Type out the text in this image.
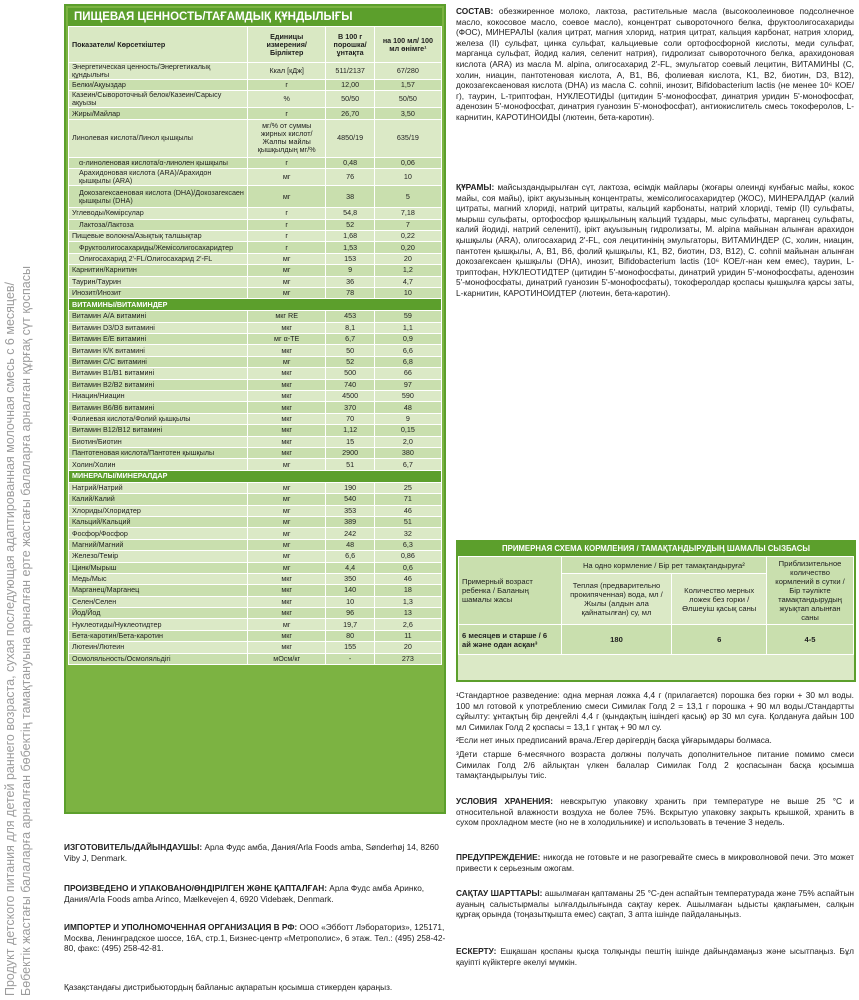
Продукт детского питания для детей раннего возраста, сухая последующая адаптированная молочная смесь с 6 месяцев/ Бөбектік жастағы балаларға арналған бөбектің тамақтануына арналған ерте жастағы балаларға арналған құрғақ сүт қоспасы
ПИЩЕВАЯ ЦЕННОСТЬ/ТАҒАМДЫҚ ҚҰНДЫЛЫҒЫ
Показатели/ Көрсеткіштер	Единицы измерения/ Бірліктер	В 100 г порошка/ ұнтақта	на 100 мл/ 100 мл өнімге¹
Энергетическая ценность/Энергетикалық құндылығы	Ккал [кДж]	511/2137	67/280
Белки/Ақуыздар	г	12,00	1,57
Казеин/Сывороточный белок/Казеин/Сарысу ақуызы	%	50/50	50/50
Жиры/Майлар	г	26,70	3,50
Линолевая кислота/Линол қышқылы	мг/% от суммы жирных кислот/Жалпы майлы қышқылдың мг/%	4850/19	635/19
α-линоленовая кислота/α-линолен қышқылы	г	0,48	0,06
Арахидоновая кислота (ARA)/Арахидон қышқылы (ARA)	мг	76	10
Докозагексаеновая кислота (DHA)/Докозагексаен қышқылы (DHA)	мг	38	5
Углеводы/Көмірсулар	г	54,8	7,18
Лактоза/Лактоза	г	52	7
Пищевые волокна/Азықтық талшықтар	г	1,68	0,22
Фруктоолигосахариды/Жемісолигосахаридтер	г	1,53	0,20
Олигосахарид 2'-FL/Олигосахарид 2'-FL	мг	153	20
Карнитин/Карнитин	мг	9	1,2
Таурин/Таурин	мг	36	4,7
Инозит/Инозит	мг	78	10
ВИТАМИНЫ/ВИТАМИНДЕР			
Витамин А/А витамині	мкг RE	453	59
Витамин D3/D3 витамині	мкг	8,1	1,1
Витамин Е/Е витамині	мг α-TE	6,7	0,9
Витамин К/К витамині	мкг	50	6,6
Витамин С/С витамині	мг	52	6,8
Витамин В1/В1 витамині	мкг	500	66
Витамин В2/В2 витамині	мкг	740	97
Ниацин/Ниацин	мкг	4500	590
Витамин В6/В6 витамині	мкг	370	48
Фолиевая кислота/Фолий қышқылы	мкг	70	9
Витамин В12/В12 витамині	мкг	1,12	0,15
Биотин/Биотин	мкг	15	2,0
Пантотеновая кислота/Пантотен қышқылы	мкг	2900	380
Холин/Холин	мг	51	6,7
МИНЕРАЛЫ/МИНЕРАЛДАР			
Натрий/Натрий	мг	190	25
Калий/Калий	мг	540	71
Хлориды/Хлоридтер	мг	353	46
Кальций/Кальций	мг	389	51
Фосфор/Фосфор	мг	242	32
Магний/Магний	мг	48	6,3
Железо/Темір	мг	6,6	0,86
Цинк/Мырыш	мг	4,4	0,6
Медь/Мыс	мкг	350	46
Марганец/Марганец	мкг	140	18
Селен/Селен	мкг	10	1,3
Йод/Йод	мкг	96	13
Нуклеотиды/Нуклеотидтер	мг	19,7	2,6
Бета-каротин/Бета-каротин	мкг	80	11
Лютеин/Лютеин	мкг	155	20
Осмоляльность/Осмоляльдігі	мОсм/кг	-	273
ИЗГОТОВИТЕЛЬ/ДАЙЫНДАУШЫ: Арла Фудс амба, Дания/Arla Foods amba, Sønderhøj 14, 8260 Viby J, Denmark.
ПРОИЗВЕДЕНО И УПАКОВАНО/ӨНДІРІЛГЕН ЖӘНЕ ҚАПТАЛҒАН: Арла Фудс амба Аринко, Дания/Arla Foods amba Arinco, Mælkevejen 4, 6920 Videbæk, Denmark.
ИМПОРТЕР И УПОЛНОМОЧЕННАЯ ОРГАНИЗАЦИЯ В РФ: ООО «Эбботт Лэбораториз», 125171, Москва, Ленинградское шоссе, 16А, стр.1, Бизнес-центр «Метрополис», 6 этаж. Тел.: (495) 258-42-80, факс: (495) 258-42-81.
Қазақстандағы дистрибьютордың байланыс ақпаратын қосымша стикерден қараңыз.
СОСТАВ: обезжиренное молоко, лактоза, растительные масла (высокоолеиновое подсолнечное масло, кокосовое масло, соевое масло), концентрат сывороточного белка, фруктоолигосахариды (ФОС), МИНЕРАЛЫ (калия цитрат, магния хлорид, натрия цитрат, кальция карбонат, натрия хлорид, железа (II) сульфат, цинка сульфат, кальциевые соли ортофосфорной кислоты, меди сульфат, марганца сульфат, йодид калия, селенит натрия), гидролизат сывороточного белка, арахидоновая кислота (ARA) из масла M. alpina, олигосахарид 2'-FL, эмульгатор соевый лецитин, ВИТАМИНЫ (С, холин, ниацин, пантотеновая кислота, A, B1, B6, фолиевая кислота, K1, B2, биотин, D3, B12), докозагексаеновая кислота (DHA) из масла C. cohnii, инозит, Bifidobacterium lactis (не менее 10⁶ КОЕ/г), таурин, L-триптофан, НУКЛЕОТИДЫ (цитидин 5'-монофосфат, динатрия уридин 5'-монофосфат, аденозин 5'-монофосфат, динатрия гуанозин 5'-монофосфат), антиокислитель смесь токоферолов, L-карнитин, КАРОТИНОИДЫ (лютеин, бета-каротин).
ҚҰРАМЫ: майсыздандырылған сүт, лактоза, өсімдік майлары (жоғары олеинді күнбағыс майы, кокос майы, соя майы), ірікт ақуызының концентраты, жемісолигосахаридтер (ЖОС), МИНЕРАЛДАР (калий цитраты, магний хлориді, натрий цитраты, кальций карбонаты, натрий хлориді, темір (II) сульфаты, мырыш сульфаты, ортофосфор қышқылының кальций тұздары, мыс сульфаты, марганец сульфаты, калий йодиді, натрий селениті), ірікт ақуызының гидролизаты, M. alpina майынан алынған арахидон қышқылы (ARA), олигосахарид 2'-FL, соя лецитинінің эмульгаторы, ВИТАМИНДЕР (С, холин, ниацин, пантотен қышқылы, А, В1, В6, фолий қышқылы, К1, В2, биотин, D3, В12), C. cohnii майынан алынған докозагексаен қышқылы (DHA), инозит, Bifidobacterium lactis (10⁶ КОЕ/г-нан кем емес), таурин, L-триптофан, НУКЛЕОТИДТЕР (цитидин 5'-монофосфаты, динатрий уридин 5'-монофосфаты, аденозин 5'-монофосфаты, динатрий гуанозин 5'-монофосфаты), токоферолдар қоспасы қышқылға қарсы заты, L-карнитин, КАРОТИНОИДТЕР (лютеин, бета-каротин).
ПРИМЕРНАЯ СХЕМА КОРМЛЕНИЯ / ТАМАҚТАНДЫРУДЫҢ ШАМАЛЫ СЫЗБАСЫ
Примерный возраст ребенка / Баланың шамалы жасы	На одно кормление / Бір рет тамақтандыруға²		Приблизительное количество кормлений в сутки / Бір тәулікте тамақтандырудың жуықтап алынған саны
	Теплая (предварительно прокипяченная) вода, мл / Жылы (алдын ала қайнатылған) су, мл	Количество мерных ложек без горки / Өлшеуіш қасық саны	
6 месяцев и старше / 6 ай және одан асқан³	180	6	4-5
¹Стандартное разведение: одна мерная ложка 4,4 г (прилагается) порошка без горки + 30 мл воды. 100 мл готовой к употреблению смеси Симилак Голд 2 = 13,1 г порошка + 90 мл воды./Стандартты сұйылту: ұнтақтың бір деңгейлі 4,4 г (қындақтың ішіндегі қасық) әр 30 мл суға. Қолдануға дайын 100 мл Симилак Голд 2 қоспасы = 13,1 г ұнтақ + 90 мл су.
²Если нет иных предписаний врача./Егер дәрігердің басқа ұйғарымдары болмаса.
³Дети старше 6-месячного возраста должны получать дополнительное питание помимо смеси Симилак Голд 2/6 айлықтан үлкен балалар Симилак Голд 2 қоспасынан басқа қосымша тамақтандырылуы тиіс.
УСЛОВИЯ ХРАНЕНИЯ: невскрытую упаковку хранить при температуре не выше 25 °С и относительной влажности воздуха не более 75%. Вскрытую упаковку закрыть крышкой, хранить в сухом прохладном месте (но не в холодильнике) и использовать в течение 3 недель.
ПРЕДУПРЕЖДЕНИЕ: никогда не готовьте и не разогревайте смесь в микроволновой печи. Это может привести к серьезным ожогам.
САҚТАУ ШАРТТАРЫ: ашылмаған қаптаманы 25 °С-ден аспайтын температурада және 75% аспайтын ауаның салыстырмалы ылғалдылығында сақтау керек. Ашылмаған ыдысты қақпағымен, салқын құрғақ орында (тоңазытқышта емес) сақтап, 3 апта ішінде пайдаланыңыз.
ЕСКЕРТУ: Ешқашан қоспаны қысқа толқынды пештің ішінде дайындамаңыз және ысытпаңыз. Бұл қауіпті күйіктерге әкелуі мүмкін.
